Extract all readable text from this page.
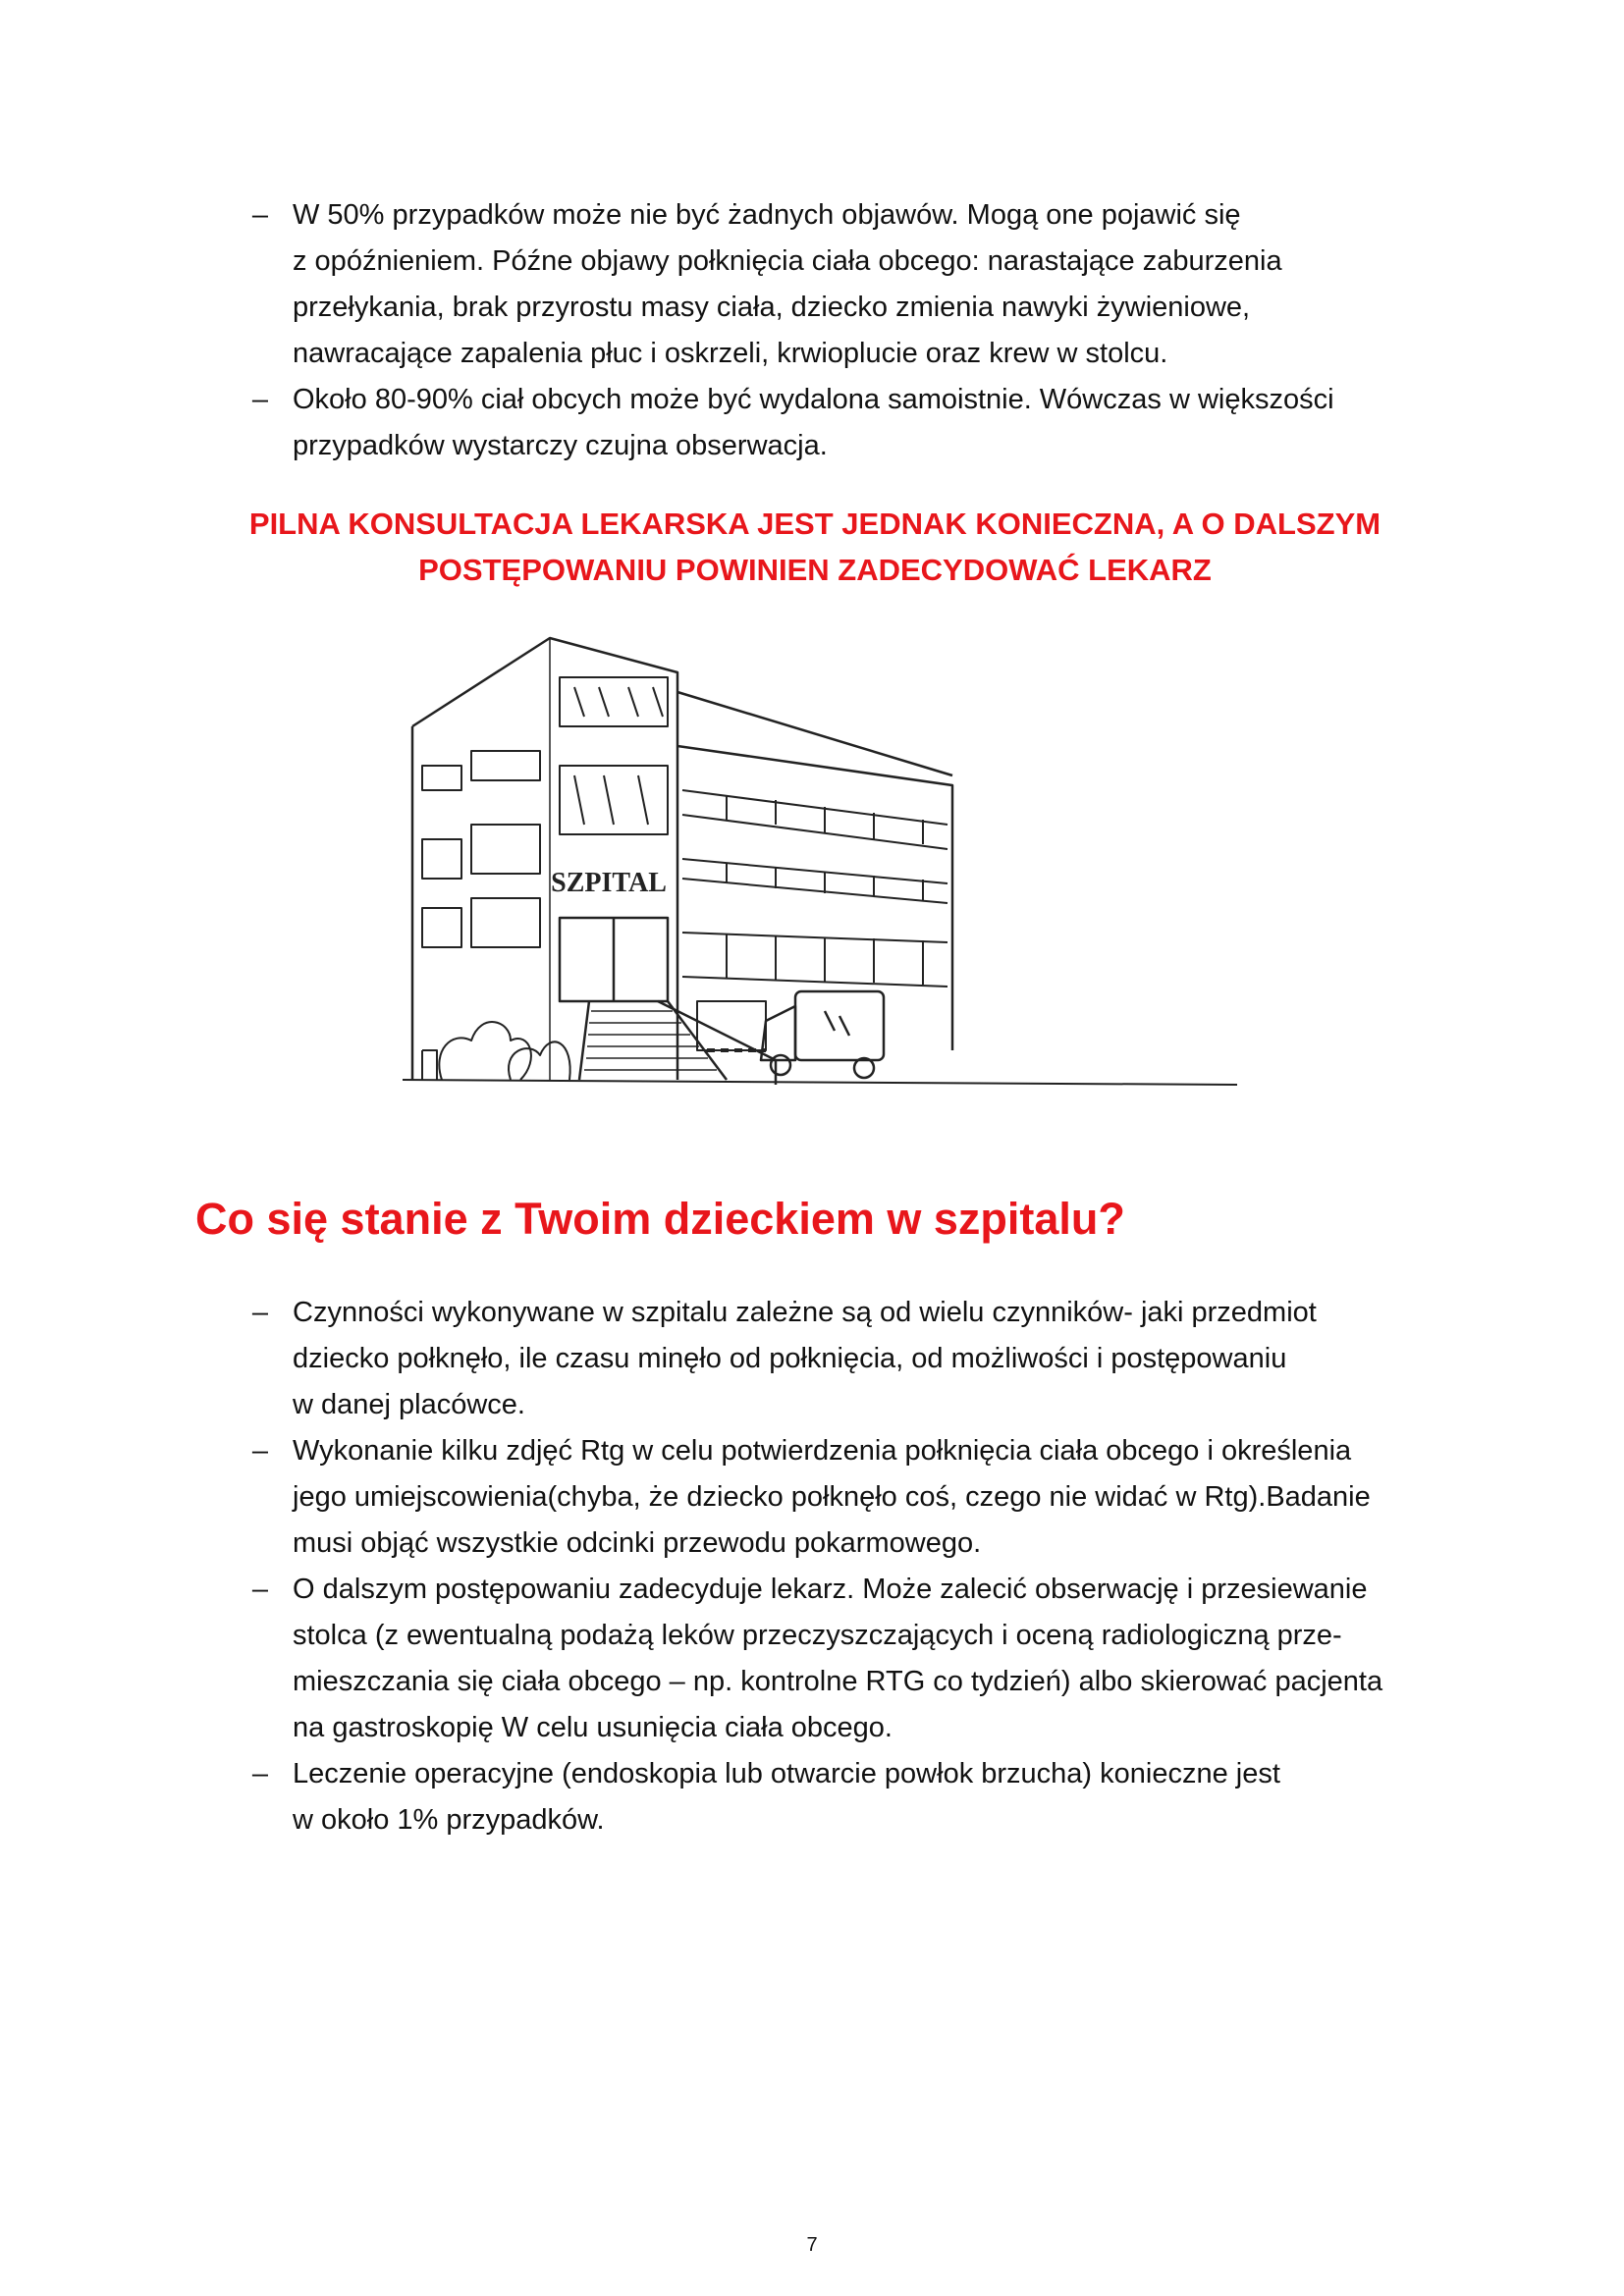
– W 50% przypadków może nie być żadnych objawów. Mogą one pojawić się
z opóźnieniem. Późne objawy połknięcia ciała obcego: narastające zaburzenia
przełykania, brak przyrostu masy ciała, dziecko zmienia nawyki żywieniowe,
nawracające zapalenia płuc i oskrzeli, krwioplucie oraz krew w stolcu.
– Około 80-90% ciał obcych może być wydalona samoistnie. Wówczas w większości
przypadków wystarczy czujna obserwacja.
PILNA KONSULTACJA LEKARSKA JEST JEDNAK KONIECZNA, A O DALSZYM
POSTĘPOWANIU POWINIEN ZADECYDOWAĆ LEKARZ
SZPITAL
Co się stanie z Twoim dzieckiem w szpitalu?
– Czynności wykonywane w szpitalu zależne są od wielu czynników- jaki przedmiot
dziecko połknęło, ile czasu minęło od połknięcia, od możliwości i postępowaniu
w danej placówce.
– Wykonanie kilku zdjęć Rtg w celu potwierdzenia połknięcia ciała obcego i określenia
jego umiejscowienia(chyba, że dziecko połknęło coś, czego nie widać w Rtg).Badanie
musi objąć wszystkie odcinki przewodu pokarmowego.
– O dalszym postępowaniu zadecyduje lekarz. Może zalecić obserwację i przesiewanie
stolca (z ewentualną podażą leków przeczyszczających i oceną radiologiczną prze-
mieszczania się ciała obcego – np. kontrolne RTG co tydzień) albo skierować pacjenta
na gastroskopię W celu usunięcia ciała obcego.
– Leczenie operacyjne (endoskopia lub otwarcie powłok brzucha) konieczne jest
w około 1% przypadków.
7
